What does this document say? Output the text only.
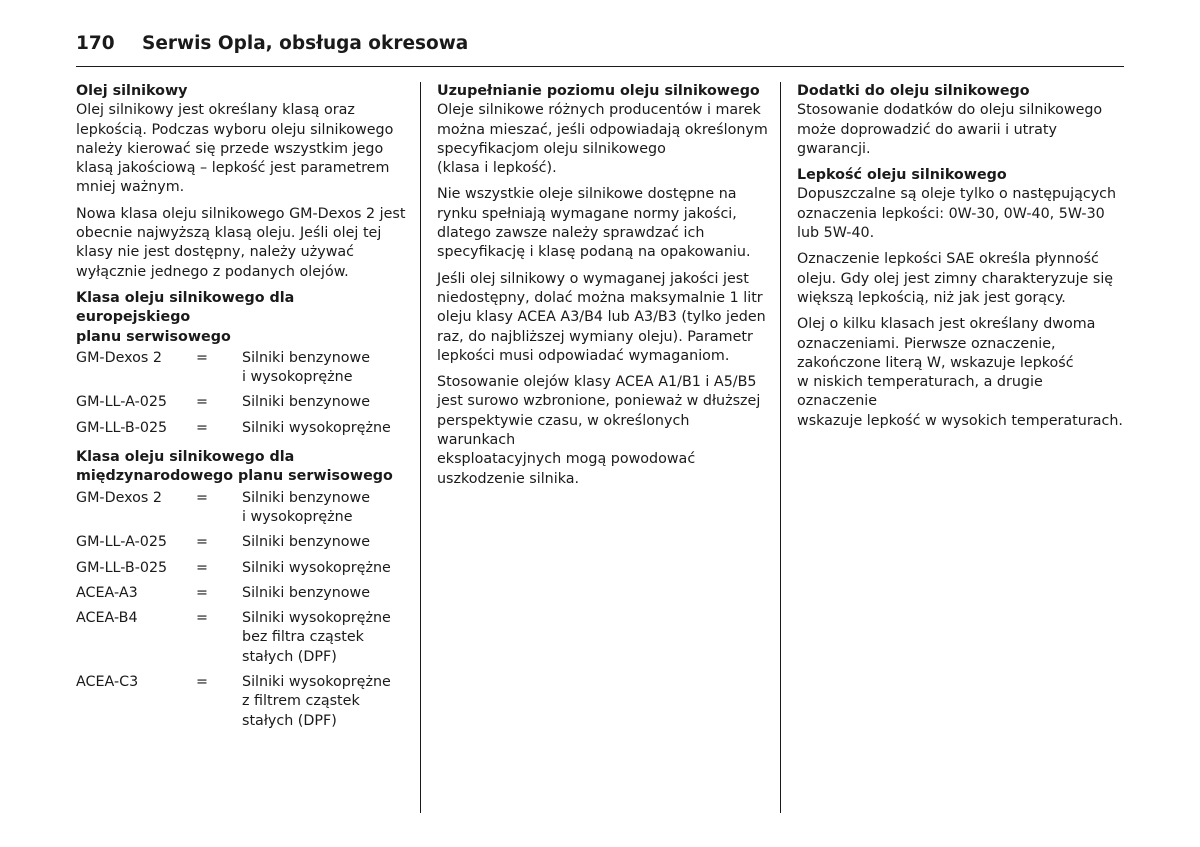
170 Serwis Opla, obsługa okresowa
Olej silnikowy

Olej silnikowy jest określany klasą oraz
lepkością. Podczas wyboru oleju silnikowego
należy kierować się przede wszystkim jego
klasą jakościową – lepkość jest parametrem
mniej ważnym.

Nowa klasa oleju silnikowego GM-Dexos 2 jest
obecnie najwyższą klasą oleju. Jeśli olej tej
klasy nie jest dostępny, należy używać
wyłącznie jednego z podanych olejów.

Klasa oleju silnikowego dla europejskiego
planu serwisowego
GM-Dexos 2	=	Silniki benzynowe
i wysokoprężne
GM-LL-A-025	=	Silniki benzynowe
GM-LL-B-025	=	Silniki wysokoprężne
Klasa oleju silnikowego dla
międzynarodowego planu serwisowego
GM-Dexos 2	=	Silniki benzynowe
i wysokoprężne
GM-LL-A-025	=	Silniki benzynowe
GM-LL-B-025	=	Silniki wysokoprężne
ACEA-A3	=	Silniki benzynowe
ACEA-B4	=	Silniki wysokoprężne
bez filtra cząstek
stałych (DPF)
ACEA-C3	=	Silniki wysokoprężne
z filtrem cząstek
stałych (DPF)
Uzupełnianie poziomu oleju silnikowego

Oleje silnikowe różnych producentów i marek
można mieszać, jeśli odpowiadają określonym
specyfikacjom oleju silnikowego
(klasa i lepkość).

Nie wszystkie oleje silnikowe dostępne na
rynku spełniają wymagane normy jakości,
dlatego zawsze należy sprawdzać ich
specyfikację i klasę podaną na opakowaniu.

Jeśli olej silnikowy o wymaganej jakości jest
niedostępny, dolać można maksymalnie 1 litr
oleju klasy ACEA A3/B4 lub A3/B3 (tylko jeden
raz, do najbliższej wymiany oleju). Parametr
lepkości musi odpowiadać wymaganiom.

Stosowanie olejów klasy ACEA A1/B1 i A5/B5
jest surowo wzbronione, ponieważ w dłuższej
perspektywie czasu, w określonych warunkach
eksploatacyjnych mogą powodować
uszkodzenie silnika.

Dodatki do oleju silnikowego

Stosowanie dodatków do oleju silnikowego
może doprowadzić do awarii i utraty
gwarancji.

Lepkość oleju silnikowego

Dopuszczalne są oleje tylko o następujących
oznaczenia lepkości: 0W-30, 0W-40, 5W-30
lub 5W-40.

Oznaczenie lepkości SAE określa płynność
oleju. Gdy olej jest zimny charakteryzuje się
większą lepkością, niż jak jest gorący.

Olej o kilku klasach jest określany dwoma
oznaczeniami. Pierwsze oznaczenie,
zakończone literą W, wskazuje lepkość
w niskich temperaturach, a drugie oznaczenie
wskazuje lepkość w wysokich temperaturach.
